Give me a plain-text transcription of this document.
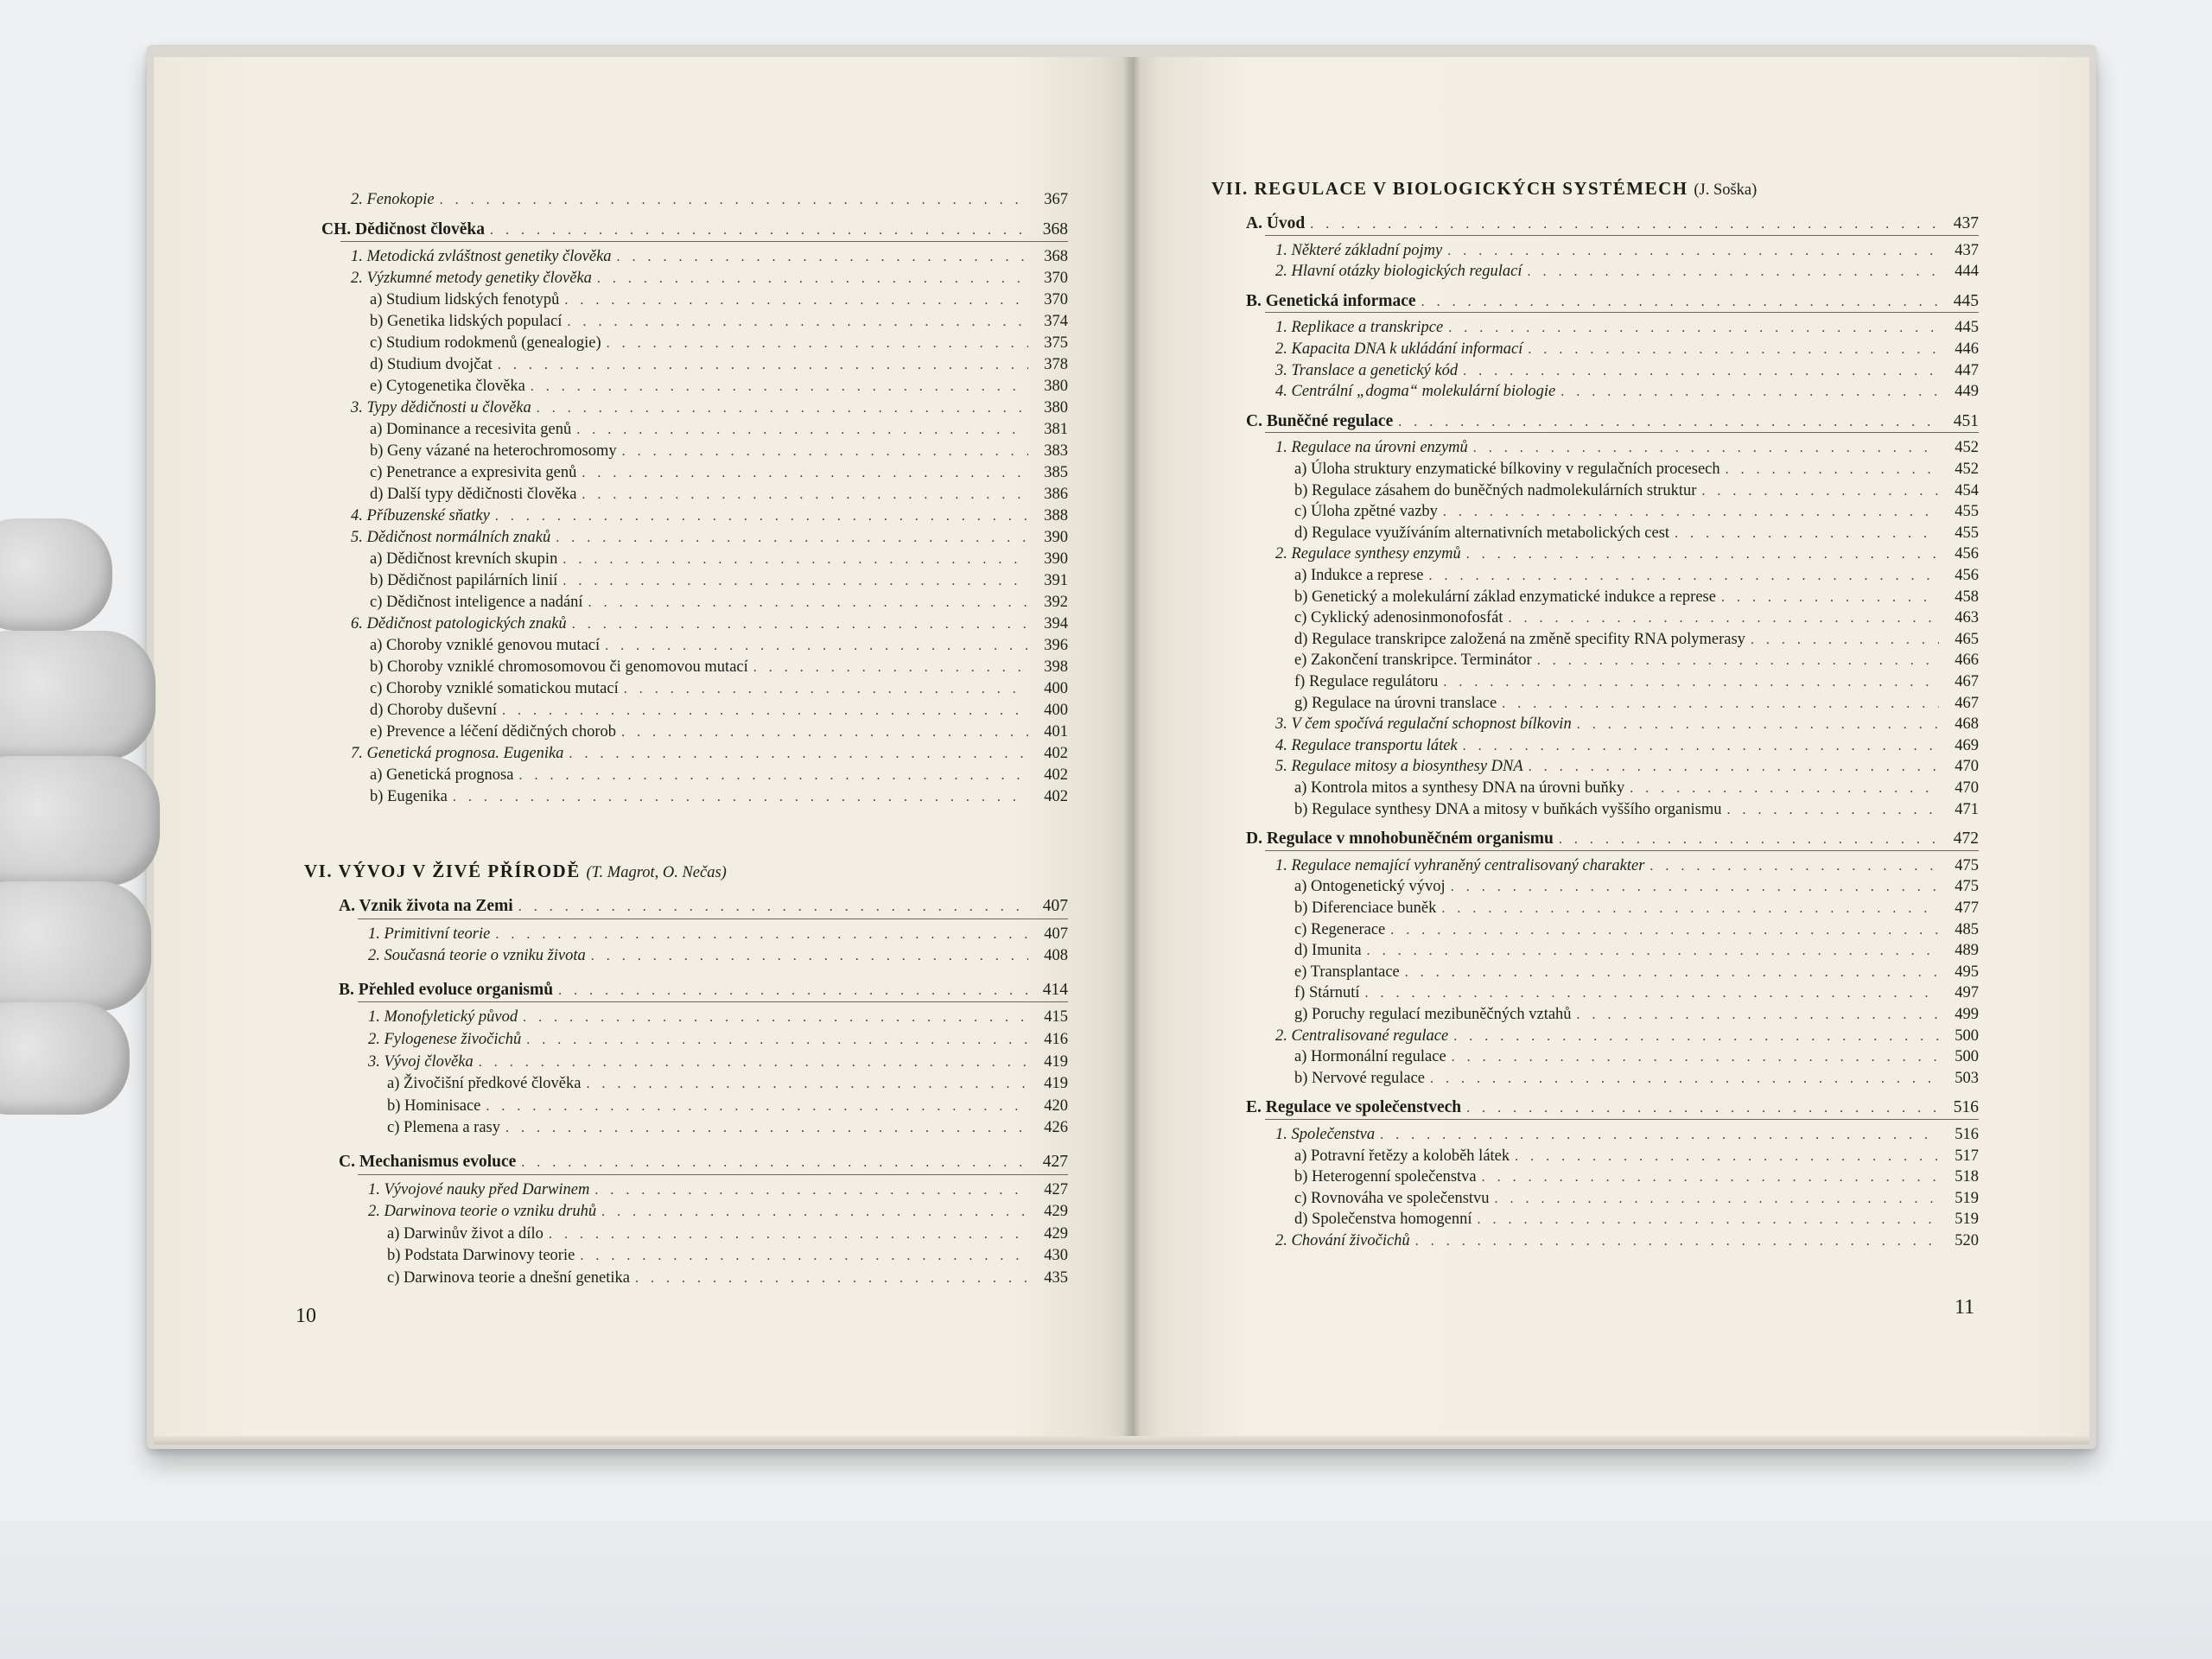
2. Fenokopie . . .	367
CH. Dědičnost člověka . . .	368
1. Metodická zvláštnost genetiky člověka . . .	368
2. Výzkumné metody genetiky člověka . . .	370
a) Studium lidských fenotypů . . .	370
b) Genetika lidských populací . . .	374
c) Studium rodokmenů (genealogie) . . .	375
d) Studium dvojčat . . .	378
e) Cytogenetika člověka . . .	380
3. Typy dědičnosti u člověka . . .	380
a) Dominance a recesivita genů . . .	381
b) Geny vázané na heterochromosomy . . .	383
c) Penetrance a expresivita genů . . .	385
d) Další typy dědičnosti člověka . . .	386
4. Příbuzenské sňatky . . .	388
5. Dědičnost normálních znaků . . .	390
a) Dědičnost krevních skupin . . .	390
b) Dědičnost papilárních linií . . .	391
c) Dědičnost inteligence a nadání . . .	392
6. Dědičnost patologických znaků . . .	394
a) Choroby vzniklé genovou mutací . . .	396
b) Choroby vzniklé chromosomovou či genomovou mutací . . .	398
c) Choroby vzniklé somatickou mutací . . .	400
d) Choroby duševní . . .	400
e) Prevence a léčení dědičných chorob . . .	401
7. Genetická prognosa. Eugenika . . .	402
a) Genetická prognosa . . .	402
b) Eugenika . . .	402
VI. VÝVOJ V ŽIVÉ PŘÍRODĚ (T. Magrot, O. Nečas)
A. Vznik života na Zemi . . .	407
1. Primitivní teorie . . .	407
2. Současná teorie o vzniku života . . .	408
B. Přehled evoluce organismů . . .	414
1. Monofyletický původ . . .	415
2. Fylogenese živočichů . . .	416
3. Vývoj člověka . . .	419
a) Živočišní předkové člověka . . .	419
b) Hominisace . . .	420
c) Plemena a rasy . . .	426
C. Mechanismus evoluce . . .	427
1. Vývojové nauky před Darwinem . . .	427
2. Darwinova teorie o vzniku druhů . . .	429
a) Darwinův život a dílo . . .	429
b) Podstata Darwinovy teorie . . .	430
c) Darwinova teorie a dnešní genetika . . .	435
10
VII. REGULACE V BIOLOGICKÝCH SYSTÉMECH (J. Soška)
A. Úvod . . .	437
1. Některé základní pojmy . . .	437
2. Hlavní otázky biologických regulací . . .	444
B. Genetická informace . . .	445
1. Replikace a transkripce . . .	445
2. Kapacita DNA k ukládání informací . . .	446
3. Translace a genetický kód . . .	447
4. Centrální „dogma“ molekulární biologie . . .	449
C. Buněčné regulace . . .	451
1. Regulace na úrovni enzymů . . .	452
a) Úloha struktury enzymatické bílkoviny v regulačních procesech . . .	452
b) Regulace zásahem do buněčných nadmolekulárních struktur . . .	454
c) Úloha zpětné vazby . . .	455
d) Regulace využíváním alternativních metabolických cest . . .	455
2. Regulace synthesy enzymů . . .	456
a) Indukce a represe . . .	456
b) Genetický a molekulární základ enzymatické indukce a represe . . .	458
c) Cyklický adenosinmonofosfát . . .	463
d) Regulace transkripce založená na změně specifity RNA polymerasy . . .	465
e) Zakončení transkripce. Terminátor . . .	466
f) Regulace regulátoru . . .	467
g) Regulace na úrovni translace . . .	467
3. V čem spočívá regulační schopnost bílkovin . . .	468
4. Regulace transportu látek . . .	469
5. Regulace mitosy a biosynthesy DNA . . .	470
a) Kontrola mitos a synthesy DNA na úrovni buňky . . .	470
b) Regulace synthesy DNA a mitosy v buňkách vyššího organismu . . .	471
D. Regulace v mnohobuněčném organismu . . .	472
1. Regulace nemající vyhraněný centralisovaný charakter . . .	475
a) Ontogenetický vývoj . . .	475
b) Diferenciace buněk . . .	477
c) Regenerace . . .	485
d) Imunita . . .	489
e) Transplantace . . .	495
f) Stárnutí . . .	497
g) Poruchy regulací mezibuněčných vztahů . . .	499
2. Centralisované regulace . . .	500
a) Hormonální regulace . . .	500
b) Nervové regulace . . .	503
E. Regulace ve společenstvech . . .	516
1. Společenstva . . .	516
a) Potravní řetězy a koloběh látek . . .	517
b) Heterogenní společenstva . . .	518
c) Rovnováha ve společenstvu . . .	519
d) Společenstva homogenní . . .	519
2. Chování živočichů . . .	520
11
